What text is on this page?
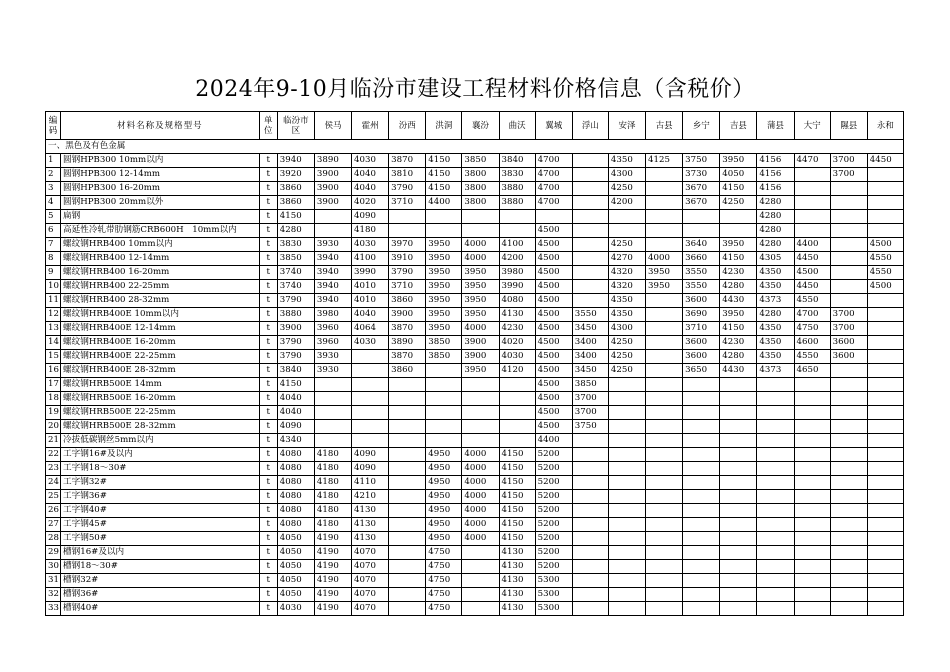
2024年9-10月临汾市建设工程材料价格信息（含税价）
编码	材料名称及规格型号	单位	临汾市区	侯马	霍州	汾西	洪洞	襄汾	曲沃	翼城	浮山	安泽	古县	乡宁	吉县	蒲县	大宁	隰县	永和
一、黑色及有色金属																			
1	圆钢HPB300 10mm以内	t	3940	3890	4030	3870	4150	3850	3840	4700		4350	4125	3750	3950	4156	4470	3700	4450
2	圆钢HPB300 12-14mm	t	3920	3900	4040	3810	4150	3800	3830	4700		4300		3730	4050	4156		3700	
3	圆钢HPB300 16-20mm	t	3860	3900	4040	3790	4150	3800	3880	4700		4250		3670	4150	4156			
4	圆钢HPB300 20mm以外	t	3860	3900	4020	3710	4400	3800	3880	4700		4200		3670	4250	4280			
5	扁钢	t	4150		4090											4280			
6	高延性冷轧带肋钢筋CRB600H　10mm以内	t	4280		4180					4500						4280			
7	螺纹钢HRB400 10mm以内	t	3830	3930	4030	3970	3950	4000	4100	4500		4250		3640	3950	4280	4400		4500
8	螺纹钢HRB400 12-14mm	t	3850	3940	4100	3910	3950	4000	4200	4500		4270	4000	3660	4150	4305	4450		4550
9	螺纹钢HRB400 16-20mm	t	3740	3940	3990	3790	3950	3950	3980	4500		4320	3950	3550	4230	4350	4500		4550
10	螺纹钢HRB400 22-25mm	t	3740	3940	4010	3710	3950	3950	3990	4500		4320	3950	3550	4280	4350	4450		4500
11	螺纹钢HRB400 28-32mm	t	3790	3940	4010	3860	3950	3950	4080	4500		4350		3600	4430	4373	4550		
12	螺纹钢HRB400E 10mm以内	t	3880	3980	4040	3900	3950	3950	4130	4500	3550	4350		3690	3950	4280	4700	3700	
13	螺纹钢HRB400E 12-14mm	t	3900	3960	4064	3870	3950	4000	4230	4500	3450	4300		3710	4150	4350	4750	3700	
14	螺纹钢HRB400E 16-20mm	t	3790	3960	4030	3890	3850	3900	4020	4500	3400	4250		3600	4230	4350	4600	3600	
15	螺纹钢HRB400E 22-25mm	t	3790	3930		3870	3850	3900	4030	4500	3400	4250		3600	4280	4350	4550	3600	
16	螺纹钢HRB400E 28-32mm	t	3840	3930		3860		3950	4120	4500	3450	4250		3650	4430	4373	4650		
17	螺纹钢HRB500E 14mm	t	4150							4500	3850								
18	螺纹钢HRB500E 16-20mm	t	4040							4500	3700								
19	螺纹钢HRB500E 22-25mm	t	4040							4500	3700								
20	螺纹钢HRB500E 28-32mm	t	4090							4500	3750								
21	冷拔低碳钢丝5mm以内	t	4340							4400									
22	工字钢16#及以内	t	4080	4180	4090		4950	4000	4150	5200									
23	工字钢18～30#	t	4080	4180	4090		4950	4000	4150	5200									
24	工字钢32#	t	4080	4180	4110		4950	4000	4150	5200									
25	工字钢36#	t	4080	4180	4210		4950	4000	4150	5200									
26	工字钢40#	t	4080	4180	4130		4950	4000	4150	5200									
27	工字钢45#	t	4080	4180	4130		4950	4000	4150	5200									
28	工字钢50#	t	4050	4190	4130		4950	4000	4150	5200									
29	槽钢16#及以内	t	4050	4190	4070		4750		4130	5200									
30	槽钢18～30#	t	4050	4190	4070		4750		4130	5200									
31	槽钢32#	t	4050	4190	4070		4750		4130	5300									
32	槽钢36#	t	4050	4190	4070		4750		4130	5300									
33	槽钢40#	t	4030	4190	4070		4750		4130	5300									
